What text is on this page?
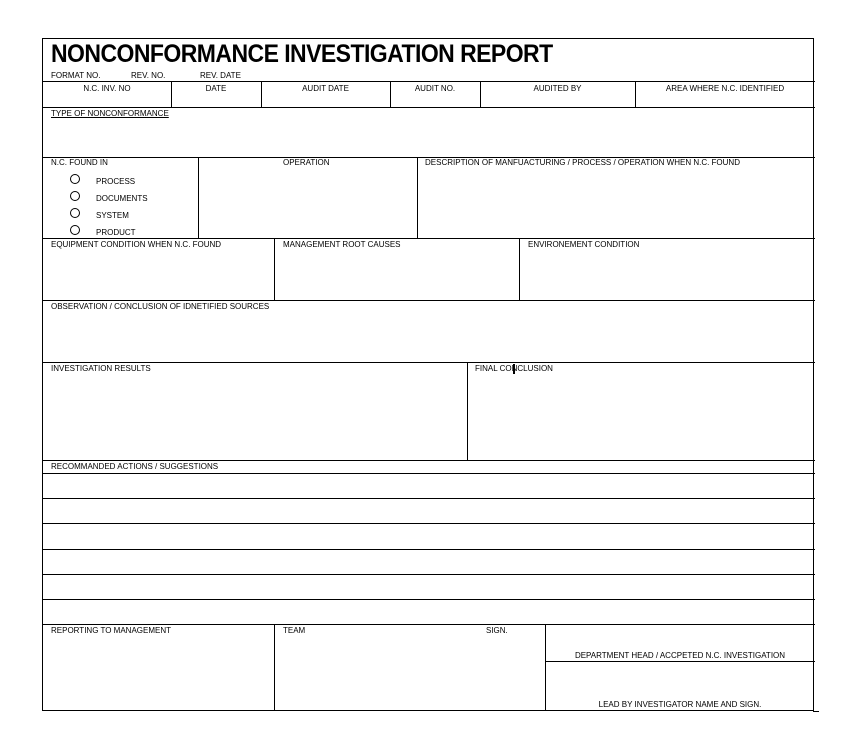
NONCONFORMANCE INVESTIGATION REPORT
FORMAT NO.	REV. NO.	REV. DATE
N.C. INV. NO	DATE	AUDIT DATE	AUDIT NO.	AUDITED BY	AREA WHERE N.C. IDENTIFIED
TYPE OF NONCONFORMANCE
N.C. FOUND IN	OPERATION	DESCRIPTION OF MANFUACTURING / PROCESS / OPERATION WHEN N.C. FOUND
PROCESS
DOCUMENTS
SYSTEM
PRODUCT
EQUIPMENT CONDITION WHEN N.C. FOUND	MANAGEMENT ROOT CAUSES	ENVIRONEMENT CONDITION
OBSERVATION / CONCLUSION OF IDNETIFIED SOURCES
INVESTIGATION RESULTS	FINAL CONCLUSION
RECOMMANDED ACTIONS / SUGGESTIONS
REPORTING TO MANAGEMENT	TEAM	SIGN.
DEPARTMENT HEAD / ACCPETED N.C. INVESTIGATION
LEAD BY INVESTIGATOR NAME AND SIGN.
